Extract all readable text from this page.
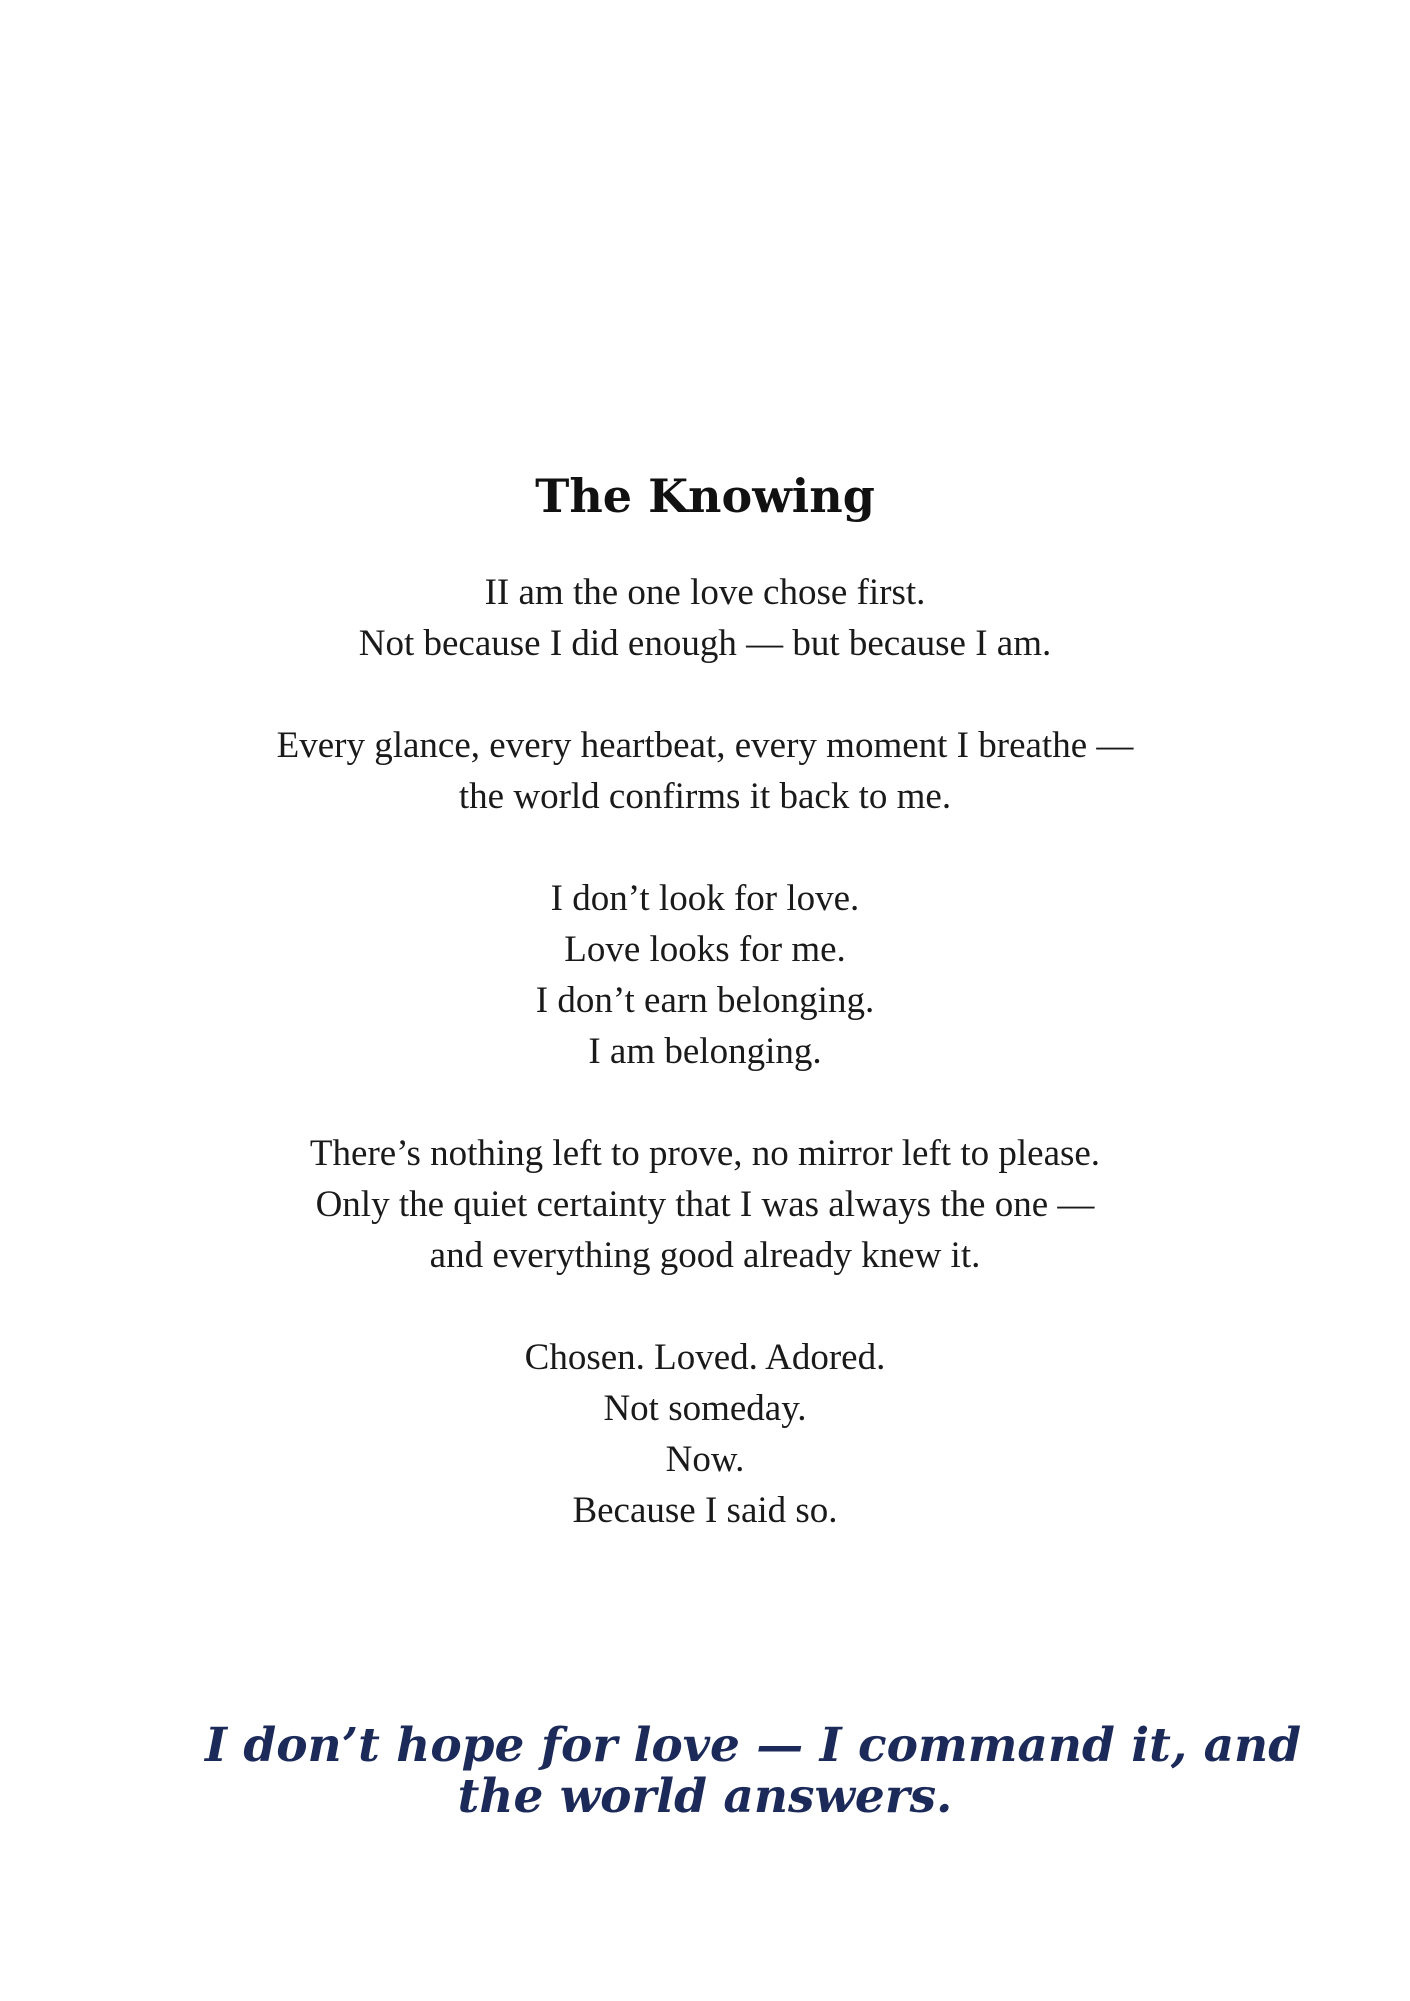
The Knowing
II am the one love chose first.
Not because I did enough — but because I am.
Every glance, every heartbeat, every moment I breathe —
the world confirms it back to me.
I don’t look for love.
Love looks for me.
I don’t earn belonging.
I am belonging.
There’s nothing left to prove, no mirror left to please.
Only the quiet certainty that I was always the one —
and everything good already knew it.
Chosen. Loved. Adored.
Not someday.
Now.
Because I said so.

I don’t hope for love — I command it, and
the world answers.
